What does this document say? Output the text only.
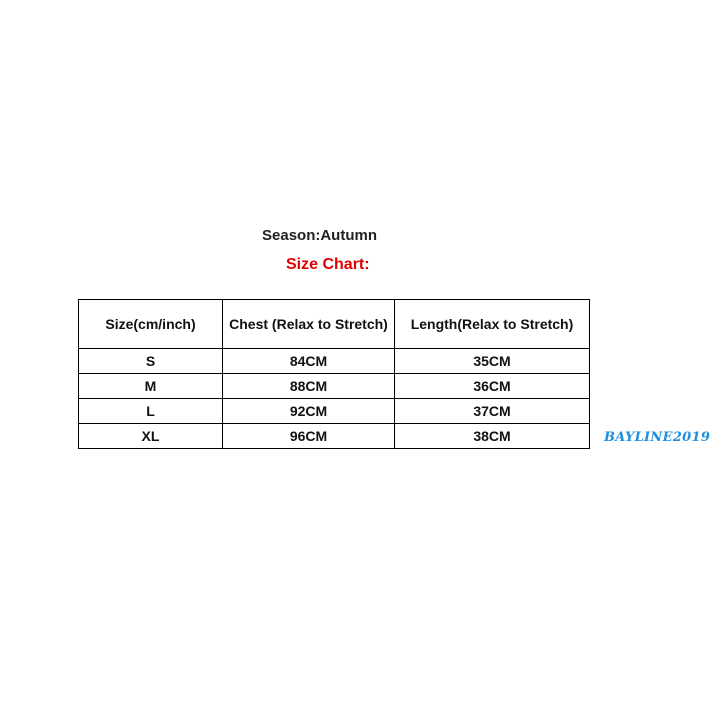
Season:Autumn
Size Chart:
Size(cm/inch)	Chest (Relax to Stretch)	Length(Relax to Stretch)
S	84CM	35CM
M	88CM	36CM
L	92CM	37CM
XL	96CM	38CM	BAYLINE2019
